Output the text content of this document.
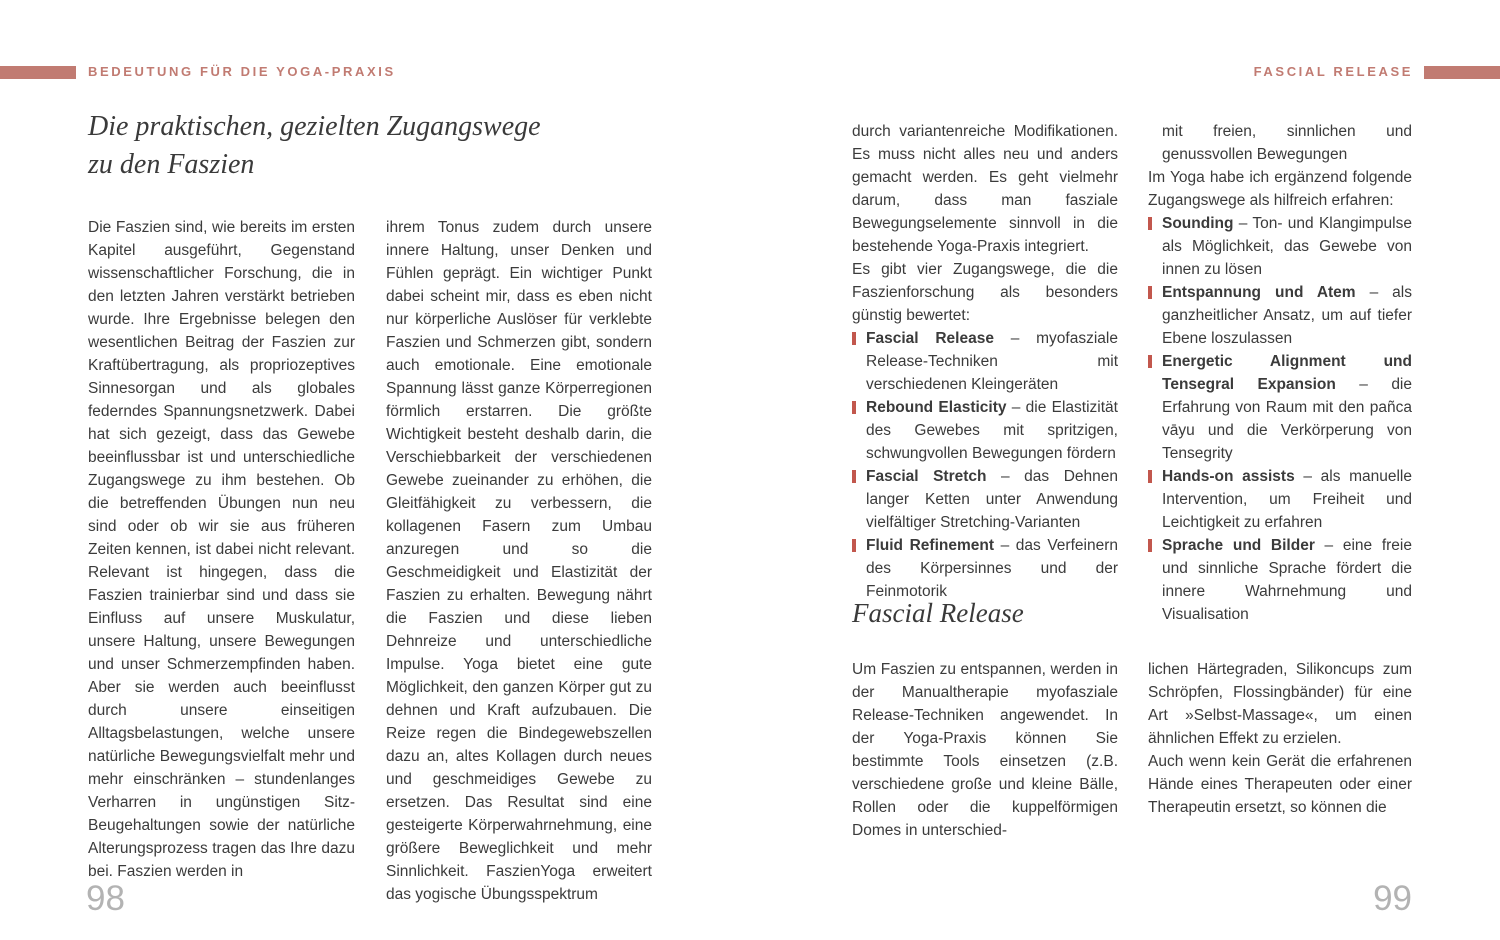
BEDEUTUNG FÜR DIE YOGA-PRAXIS	FASCIAL RELEASE
Die praktischen, gezielten Zugangswege
zu den Faszien

Die Faszien sind, wie bereits im ersten Kapitel ausgeführt, Gegenstand wissenschaftlicher Forschung, die in den letzten Jahren verstärkt betrieben wurde. Ihre Ergebnisse belegen den wesentlichen Beitrag der Faszien zur Kraftübertragung, als propriozeptives Sinnesorgan und als globales federndes Spannungsnetzwerk. Dabei hat sich gezeigt, dass das Gewebe beeinflussbar ist und unterschiedliche Zugangswege zu ihm bestehen. Ob die betreffenden Übungen nun neu sind oder ob wir sie aus früheren Zeiten kennen, ist dabei nicht relevant. Relevant ist hingegen, dass die Faszien trainierbar sind und dass sie Einfluss auf unsere Muskulatur, unsere Haltung, unsere Bewegungen und unser Schmerzempfinden haben. Aber sie werden auch beeinflusst durch unsere einseitigen Alltagsbelastungen, welche unsere natürliche Bewegungsvielfalt mehr und mehr einschränken – stundenlanges Verharren in ungünstigen Sitz-Beugehaltungen sowie der natürliche Alterungsprozess tragen das Ihre dazu bei. Faszien werden in

ihrem Tonus zudem durch unsere innere Haltung, unser Denken und Fühlen geprägt. Ein wichtiger Punkt dabei scheint mir, dass es eben nicht nur körperliche Auslöser für verklebte Faszien und Schmerzen gibt, sondern auch emotionale. Eine emotionale Spannung lässt ganze Körperregionen förmlich erstarren. Die größte Wichtigkeit besteht deshalb darin, die Verschiebbarkeit der verschiedenen Gewebe zueinander zu erhöhen, die Gleitfähigkeit zu verbessern, die kollagenen Fasern zum Umbau anzuregen und so die Geschmeidigkeit und Elastizität der Faszien zu erhalten. Bewegung nährt die Faszien und diese lieben Dehnreize und unterschiedliche Impulse. Yoga bietet eine gute Möglichkeit, den ganzen Körper gut zu dehnen und Kraft aufzubauen. Die Reize regen die Bindegewebszellen dazu an, altes Kollagen durch neues und geschmeidiges Gewebe zu ersetzen. Das Resultat sind eine gesteigerte Körperwahrnehmung, eine größere Beweglichkeit und mehr Sinnlichkeit. FaszienYoga erweitert das yogische Übungsspektrum

98

durch variantenreiche Modifikationen. Es muss nicht alles neu und anders gemacht werden. Es geht vielmehr darum, dass man fasziale Bewegungselemente sinnvoll in die bestehende Yoga-Praxis integriert.

Es gibt vier Zugangswege, die die Faszienforschung als besonders günstig bewertet:

Fascial Release – myofasziale Release-Techniken mit verschiedenen Kleingeräten
Rebound Elasticity – die Elastizität des Gewebes mit spritzigen, schwungvollen Bewegungen fördern
Fascial Stretch – das Dehnen langer Ketten unter Anwendung vielfältiger Stretching-Varianten
Fluid Refinement – das Verfeinern des Körpersinnes und der Feinmotorik
Fascial Release

Um Faszien zu entspannen, werden in der Manualtherapie myofasziale Release-Techniken angewendet. In der Yoga-Praxis können Sie bestimmte Tools einsetzen (z.B. verschiedene große und kleine Bälle, Rollen oder die kuppelförmigen Domes in unterschied-

mit freien, sinnlichen und genussvollen Bewegungen

Im Yoga habe ich ergänzend folgende Zugangswege als hilfreich erfahren:

Sounding – Ton- und Klangimpulse als Möglichkeit, das Gewebe von innen zu lösen
Entspannung und Atem – als ganzheitlicher Ansatz, um auf tiefer Ebene loszulassen
Energetic Alignment und Tensegral Expansion – die Erfahrung von Raum mit den pañca vāyu und die Verkörperung von Tensegrity
Hands-on assists – als manuelle Intervention, um Freiheit und Leichtigkeit zu erfahren
Sprache und Bilder – eine freie und sinnliche Sprache fördert die innere Wahrnehmung und Visualisation

lichen Härtegraden, Silikoncups zum Schröpfen, Flossingbänder) für eine Art »Selbst-Massage«, um einen ähnlichen Effekt zu erzielen.

Auch wenn kein Gerät die erfahrenen Hände eines Therapeuten oder einer Therapeutin ersetzt, so können die

99
